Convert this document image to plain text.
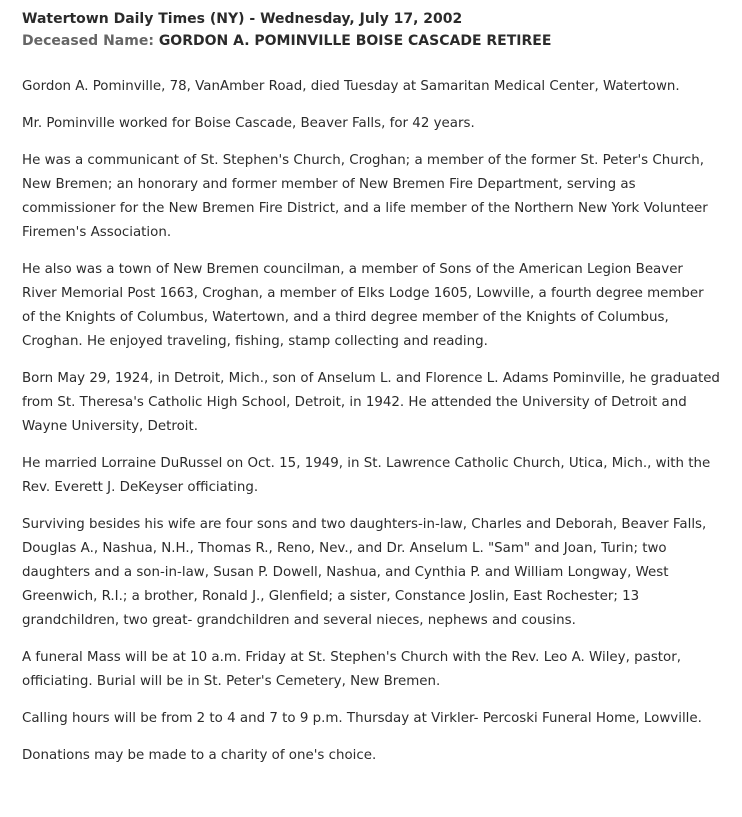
Watertown Daily Times (NY) - Wednesday, July 17, 2002
Deceased Name: GORDON A. POMINVILLE BOISE CASCADE RETIREE

Gordon A. Pominville, 78, VanAmber Road, died Tuesday at Samaritan Medical Center, Watertown.

Mr. Pominville worked for Boise Cascade, Beaver Falls, for 42 years.

He was a communicant of St. Stephen's Church, Croghan; a member of the former St. Peter's Church, New Bremen; an honorary and former member of New Bremen Fire Department, serving as commissioner for the New Bremen Fire District, and a life member of the Northern New York Volunteer Firemen's Association.

He also was a town of New Bremen councilman, a member of Sons of the American Legion Beaver River Memorial Post 1663, Croghan, a member of Elks Lodge 1605, Lowville, a fourth degree member of the Knights of Columbus, Watertown, and a third degree member of the Knights of Columbus, Croghan. He enjoyed traveling, fishing, stamp collecting and reading.

Born May 29, 1924, in Detroit, Mich., son of Anselum L. and Florence L. Adams Pominville, he graduated from St. Theresa's Catholic High School, Detroit, in 1942. He attended the University of Detroit and Wayne University, Detroit.

He married Lorraine DuRussel on Oct. 15, 1949, in St. Lawrence Catholic Church, Utica, Mich., with the Rev. Everett J. DeKeyser officiating.

Surviving besides his wife are four sons and two daughters-in-law, Charles and Deborah, Beaver Falls, Douglas A., Nashua, N.H., Thomas R., Reno, Nev., and Dr. Anselum L. "Sam" and Joan, Turin; two daughters and a son-in-law, Susan P. Dowell, Nashua, and Cynthia P. and William Longway, West Greenwich, R.I.; a brother, Ronald J., Glenfield; a sister, Constance Joslin, East Rochester; 13 grandchildren, two great- grandchildren and several nieces, nephews and cousins.

A funeral Mass will be at 10 a.m. Friday at St. Stephen's Church with the Rev. Leo A. Wiley, pastor, officiating. Burial will be in St. Peter's Cemetery, New Bremen.

Calling hours will be from 2 to 4 and 7 to 9 p.m. Thursday at Virkler- Percoski Funeral Home, Lowville.

Donations may be made to a charity of one's choice.
